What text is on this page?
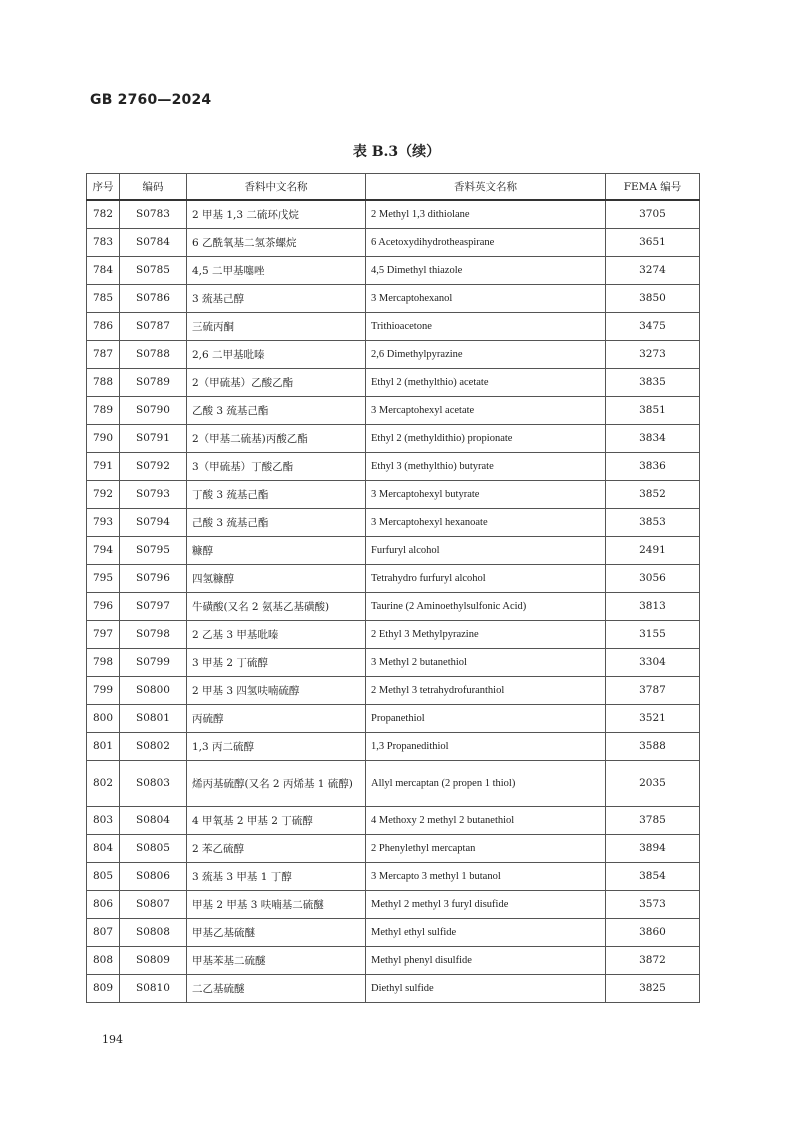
GB 2760—2024
表 B.3（续）
序号	编码	香料中文名称	香料英文名称	FEMA 编号
782	S0783	2 甲基 1,3 二硫环戊烷	2 Methyl 1,3 dithiolane	3705
783	S0784	6 乙酰氧基二氢茶螺烷	6 Acetoxydihydrotheaspirane	3651
784	S0785	4,5 二甲基噻唑	4,5 Dimethyl thiazole	3274
785	S0786	3 巯基己醇	3 Mercaptohexanol	3850
786	S0787	三硫丙酮	Trithioacetone	3475
787	S0788	2,6 二甲基吡嗪	2,6 Dimethylpyrazine	3273
788	S0789	2（甲硫基）乙酸乙酯	Ethyl 2 (methylthio) acetate	3835
789	S0790	乙酸 3 巯基己酯	3 Mercaptohexyl acetate	3851
790	S0791	2（甲基二硫基)丙酸乙酯	Ethyl 2 (methyldithio) propionate	3834
791	S0792	3（甲硫基）丁酸乙酯	Ethyl 3 (methylthio) butyrate	3836
792	S0793	丁酸 3 巯基己酯	3 Mercaptohexyl butyrate	3852
793	S0794	己酸 3 巯基己酯	3 Mercaptohexyl hexanoate	3853
794	S0795	糠醇	Furfuryl alcohol	2491
795	S0796	四氢糠醇	Tetrahydro furfuryl alcohol	3056
796	S0797	牛磺酸(又名 2 氨基乙基磺酸)	Taurine (2 Aminoethylsulfonic Acid)	3813
797	S0798	2 乙基 3 甲基吡嗪	2 Ethyl 3 Methylpyrazine	3155
798	S0799	3 甲基 2 丁硫醇	3 Methyl 2 butanethiol	3304
799	S0800	2 甲基 3 四氢呋喃硫醇	2 Methyl 3 tetrahydrofuranthiol	3787
800	S0801	丙硫醇	Propanethiol	3521
801	S0802	1,3 丙二硫醇	1,3 Propanedithiol	3588
802	S0803	烯丙基硫醇(又名 2 丙烯基 1 硫醇)	Allyl mercaptan (2 propen 1 thiol)	2035
803	S0804	4 甲氧基 2 甲基 2 丁硫醇	4 Methoxy 2 methyl 2 butanethiol	3785
804	S0805	2 苯乙硫醇	2 Phenylethyl mercaptan	3894
805	S0806	3 巯基 3 甲基 1 丁醇	3 Mercapto 3 methyl 1 butanol	3854
806	S0807	甲基 2 甲基 3 呋喃基二硫醚	Methyl 2 methyl 3 furyl disufide	3573
807	S0808	甲基乙基硫醚	Methyl ethyl sulfide	3860
808	S0809	甲基苯基二硫醚	Methyl phenyl disulfide	3872
809	S0810	二乙基硫醚	Diethyl sulfide	3825
194
